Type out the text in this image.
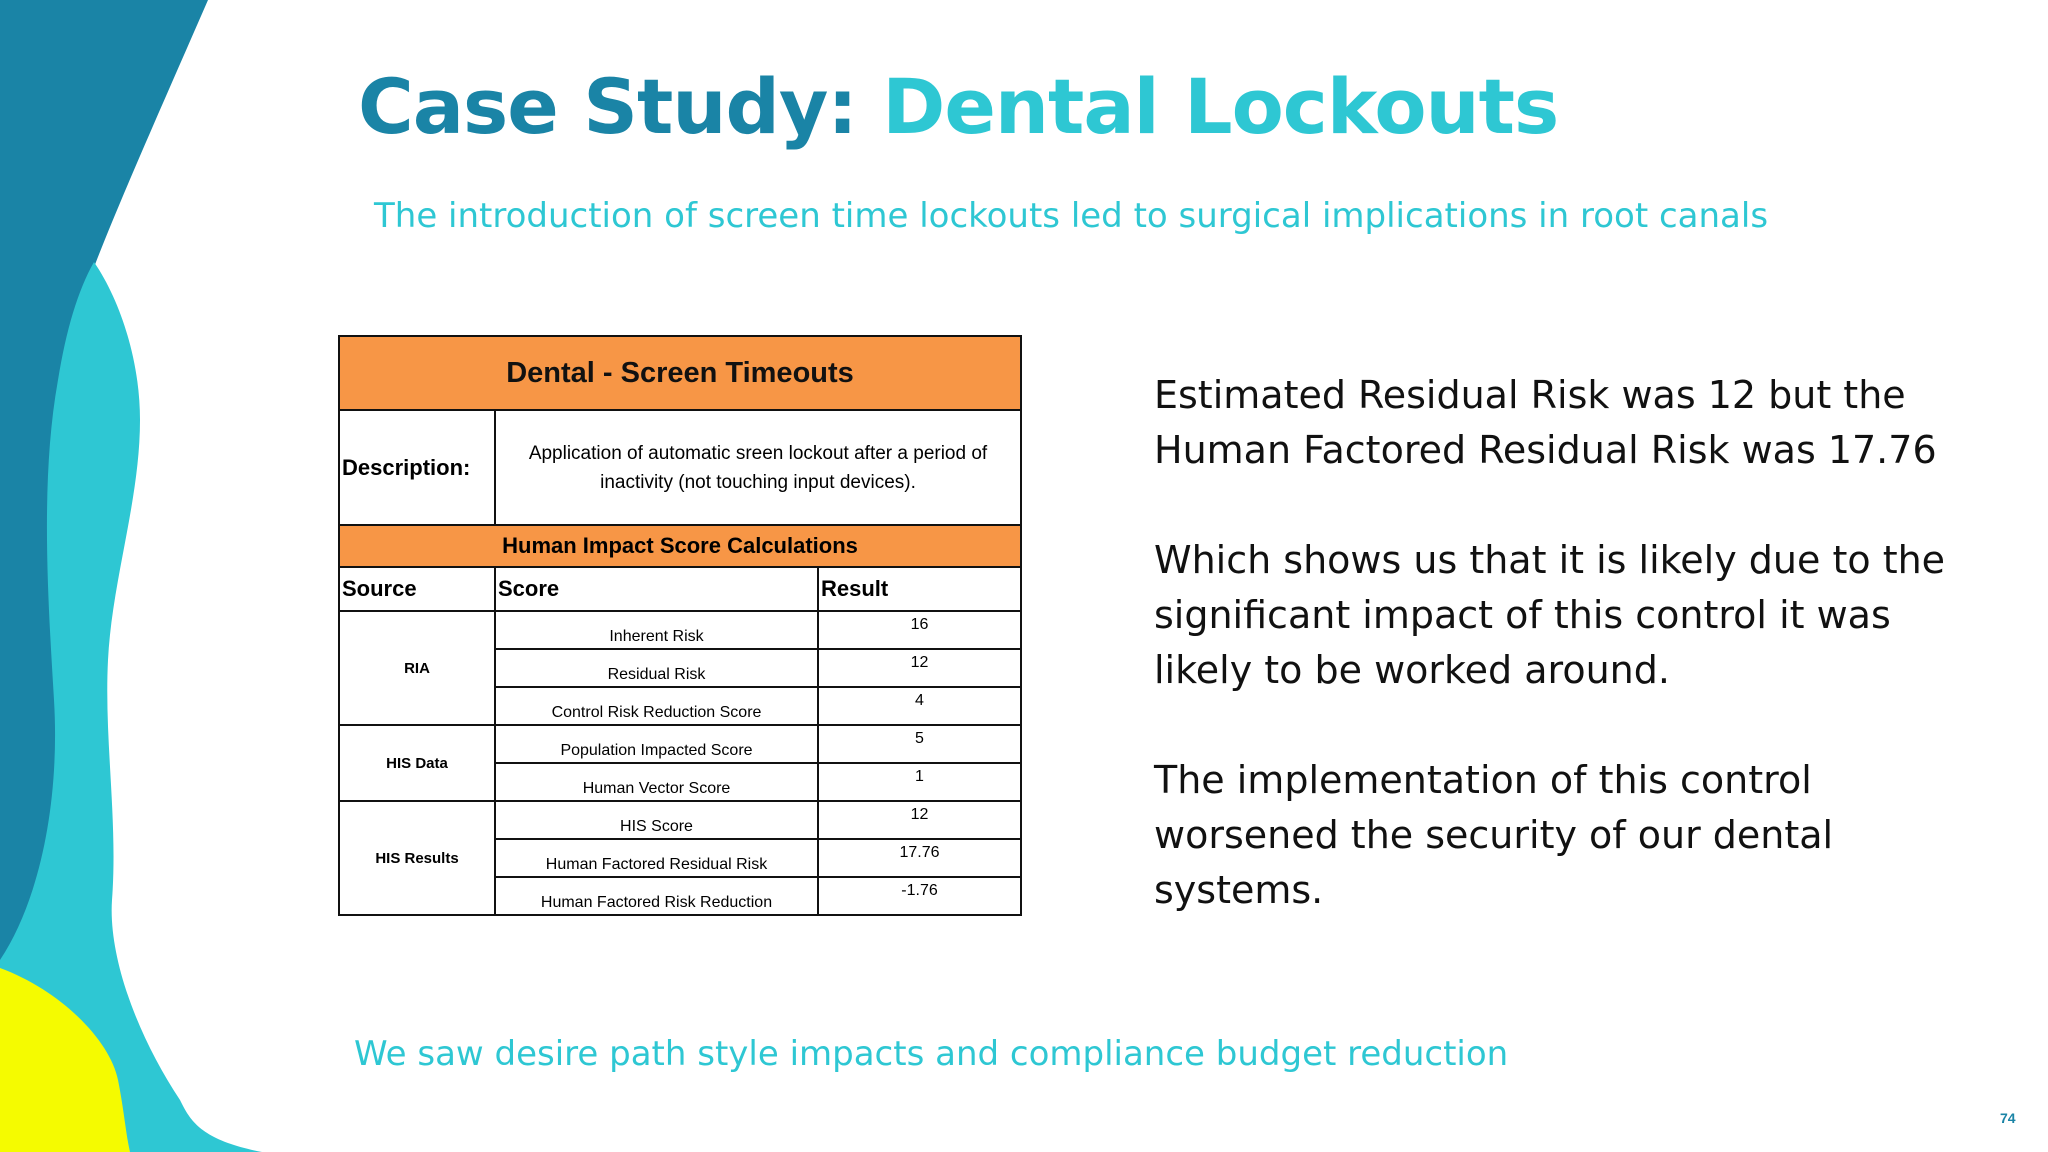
Case Study: Dental Lockouts
The introduction of screen time lockouts led to surgical implications in root canals
Dental - Screen Timeouts		
Description:	Application of automatic sreen lockout after a period of inactivity (not touching input devices).	
Human Impact Score Calculations		
Source	Score	Result
RIA	Inherent Risk	16
	Residual Risk	12
	Control Risk Reduction Score	4
HIS Data	Population Impacted Score	5
	Human Vector Score	1
HIS Results	HIS Score	12
	Human Factored Residual Risk	17.76
	Human Factored Risk Reduction	-1.76

Estimated Residual Risk was 12 but the Human Factored Residual Risk was 17.76

Which shows us that it is likely due to the significant impact of this control it was likely to be worked around.

The implementation of this control worsened the security of our dental systems.

We saw desire path style impacts and compliance budget reduction
74
